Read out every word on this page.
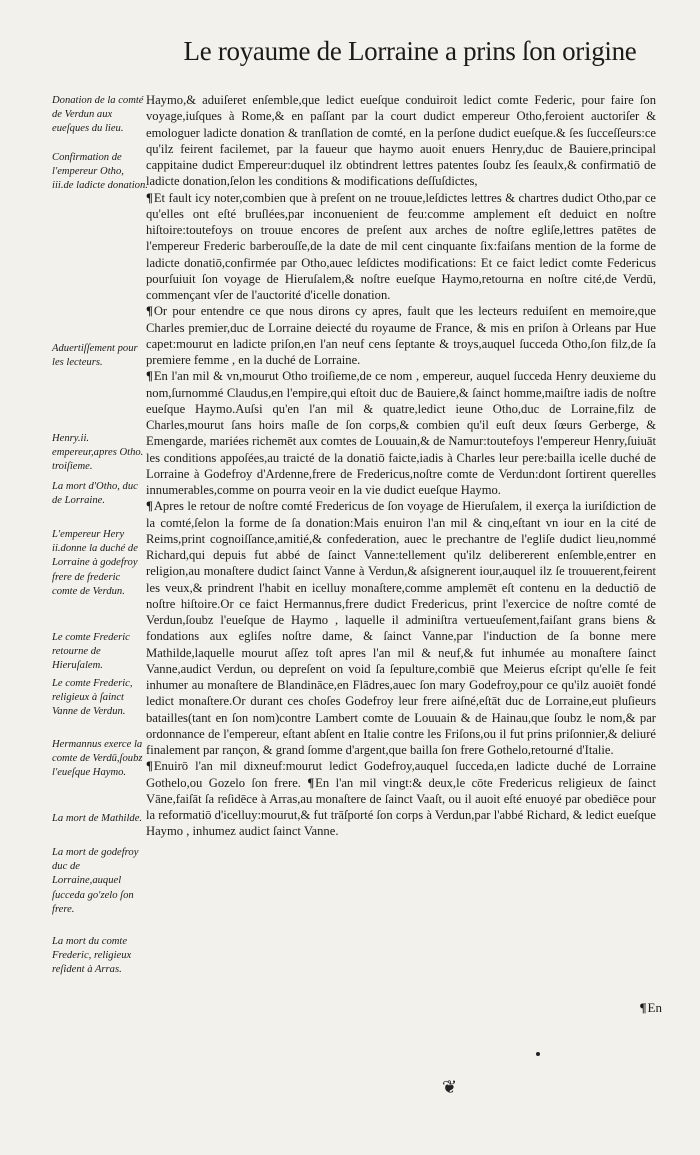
Le royaume de Lorraine a prins ſon origine
Donation de la comté de Verdun aux eueſques du lieu.
Confirmation de l'empereur Otho, iii.de ladicte donation.
Aduertiſſement pour les lecteurs.
Henry.ii. empereur,apres Otho. troiſieme.
La mort d'Otho, duc de Lorraine.
L'empereur Hery ii.donne la duché de Lorraine à godefroy frere de frederic comte de Verdun.
Le comte Frederic retourne de Hieruſalem.
Le comte Frederic, religieux à ſainct Vanne de Verdun.
Hermannus exerce la comte de Verdū,ſoubz l'eueſque Haymo.
La mort de Mathilde.
La mort de godefroy duc de Lorraine,auquel ſucceda go'zelo ſon frere.
La mort du comte Frederic, religieux reſident à Arras.

Haymo,& aduiſeret enſemble,que ledict eueſque conduiroit ledict comte Federic, pour faire ſon voyage,iuſques à Rome,& en paſſant par la court dudict empereur Otho,feroient auctoriſer & emologuer ladicte donation & tranſlation de comté, en la perſone dudict eueſque.& ſes ſucceſſeurs:ce qu'ilz feirent facilemet, par la faueur que haymo auoit enuers Henry,duc de Bauiere,principal cappitaine dudict Empereur:duquel ilz obtindrent lettres patentes ſoubz ſes ſeaulx,& confirmatiō de ladicte donation,ſelon les conditions & modifications deſſuſdictes,

¶Et fault icy noter,combien que à preſent on ne trouue,leſdictes lettres & chartres dudict Otho,par ce qu'elles ont eſté bruſlées,par inconuenient de feu:comme amplement eſt deduict en noſtre hiſtoire:toutefoys on trouue encores de preſent aux arches de noſtre egliſe,lettres patētes de l'empereur Frederic barberouſſe,de la date de mil cent cinquante ſix:faiſans mention de la forme de ladicte donatiō,confirmée par Otho,auec leſdictes modifications: Et ce faict ledict comte Federicus pourſuiuit ſon voyage de Hieruſalem,& noſtre eueſque Haymo,retourna en noſtre cité,de Verdū, commençant vſer de l'auctorité d'icelle donation.

¶Or pour entendre ce que nous dirons cy apres, fault que les lecteurs reduiſent en memoire,que Charles premier,duc de Lorraine deiecté du royaume de France, & mis en priſon à Orleans par Hue capet:mourut en ladicte priſon,en l'an neuf cens ſeptante & troys,auquel ſucceda Otho,ſon filz,de ſa premiere femme , en la duché de Lorraine.

¶En l'an mil & vn,mourut Otho troiſieme,de ce nom , empereur, auquel ſucceda Henry deuxieme du nom,ſurnommé Claudus,en l'empire,qui eſtoit duc de Bauiere,& ſainct homme,maiſtre iadis de noſtre eueſque Haymo.Auſsi qu'en l'an mil & quatre,ledict ieune Otho,duc de Lorraine,filz de Charles,mourut ſans hoirs maſle de ſon corps,& combien qu'il euſt deux ſœurs Gerberge, & Emengarde, mariées richemēt aux comtes de Louuain,& de Namur:toutefoys l'empereur Henry,ſuiuāt les conditions appoſées,au traicté de la donatiō faicte,iadis à Charles leur pere:bailla icelle duché de Lorraine à Godefroy d'Ardenne,frere de Fredericus,noſtre comte de Verdun:dont ſortirent querelles innumerables,comme on pourra veoir en la vie dudict eueſque Haymo.

¶Apres le retour de noſtre comté Fredericus de ſon voyage de Hieruſalem, il exerça la iuriſdiction de la comté,ſelon la forme de ſa donation:Mais enuiron l'an mil & cinq,eſtant vn iour en la cité de Reims,print cognoiſſance,amitié,& confederation, auec le prechantre de l'egliſe dudict lieu,nommé Richard,qui depuis fut abbé de ſainct Vanne:tellement qu'ilz delibererent enſemble,entrer en religion,au monaſtere dudict ſainct Vanne à Verdun,& aſsignerent iour,auquel ilz ſe trouuerent,feirent les veux,& prindrent l'habit en icelluy monaſtere,comme amplemēt eſt contenu en la deductiō de noſtre hiſtoire.Or ce faict Hermannus,frere dudict Fredericus, print l'exercice de noſtre comté de Verdun,ſoubz l'eueſque de Haymo , laquelle il adminiſtra vertueuſement,faiſant grans biens & fondations aux egliſes noſtre dame, & ſainct Vanne,par l'induction de ſa bonne mere Mathilde,laquelle mourut aſſez toſt apres l'an mil & neuf,& fut inhumée au monaſtere ſainct Vanne,audict Verdun, ou depreſent on void ſa ſepulture,combiē que Meierus eſcript qu'elle ſe feit inhumer au monaſtere de Blandināce,en Flādres,auec ſon mary Godefroy,pour ce qu'ilz auoiēt fondé ledict monaſtere.Or durant ces choſes Godefroy leur frere aiſné,eſtāt duc de Lorraine,eut pluſieurs batailles(tant en ſon nom)contre Lambert comte de Louuain & de Hainau,que ſoubz le nom,& par ordonnance de l'empereur, eſtant abſent en Italie contre les Friſons,ou il fut prins priſonnier,& deliuré finalement par rançon, & grand ſomme d'argent,que bailla ſon frere Gothelo,retourné d'Italie.

¶Enuirō l'an mil dixneuf:mourut ledict Godefroy,auquel ſucceda,en ladicte duché de Lorraine Gothelo,ou Gozelo ſon frere. ¶En l'an mil vingt:& deux,le cōte Fredericus religieux de ſainct Vāne,faiſāt ſa reſidēce à Arras,au monaſtere de ſainct Vaaſt, ou il auoit eſté enuoyé par obediēce pour la reformatiō d'icelluy:mourut,& fut trāſporté ſon corps à Verdun,par l'abbé Richard, & ledict eueſque Haymo , inhumez audict ſainct Vanne.

¶En
❦
